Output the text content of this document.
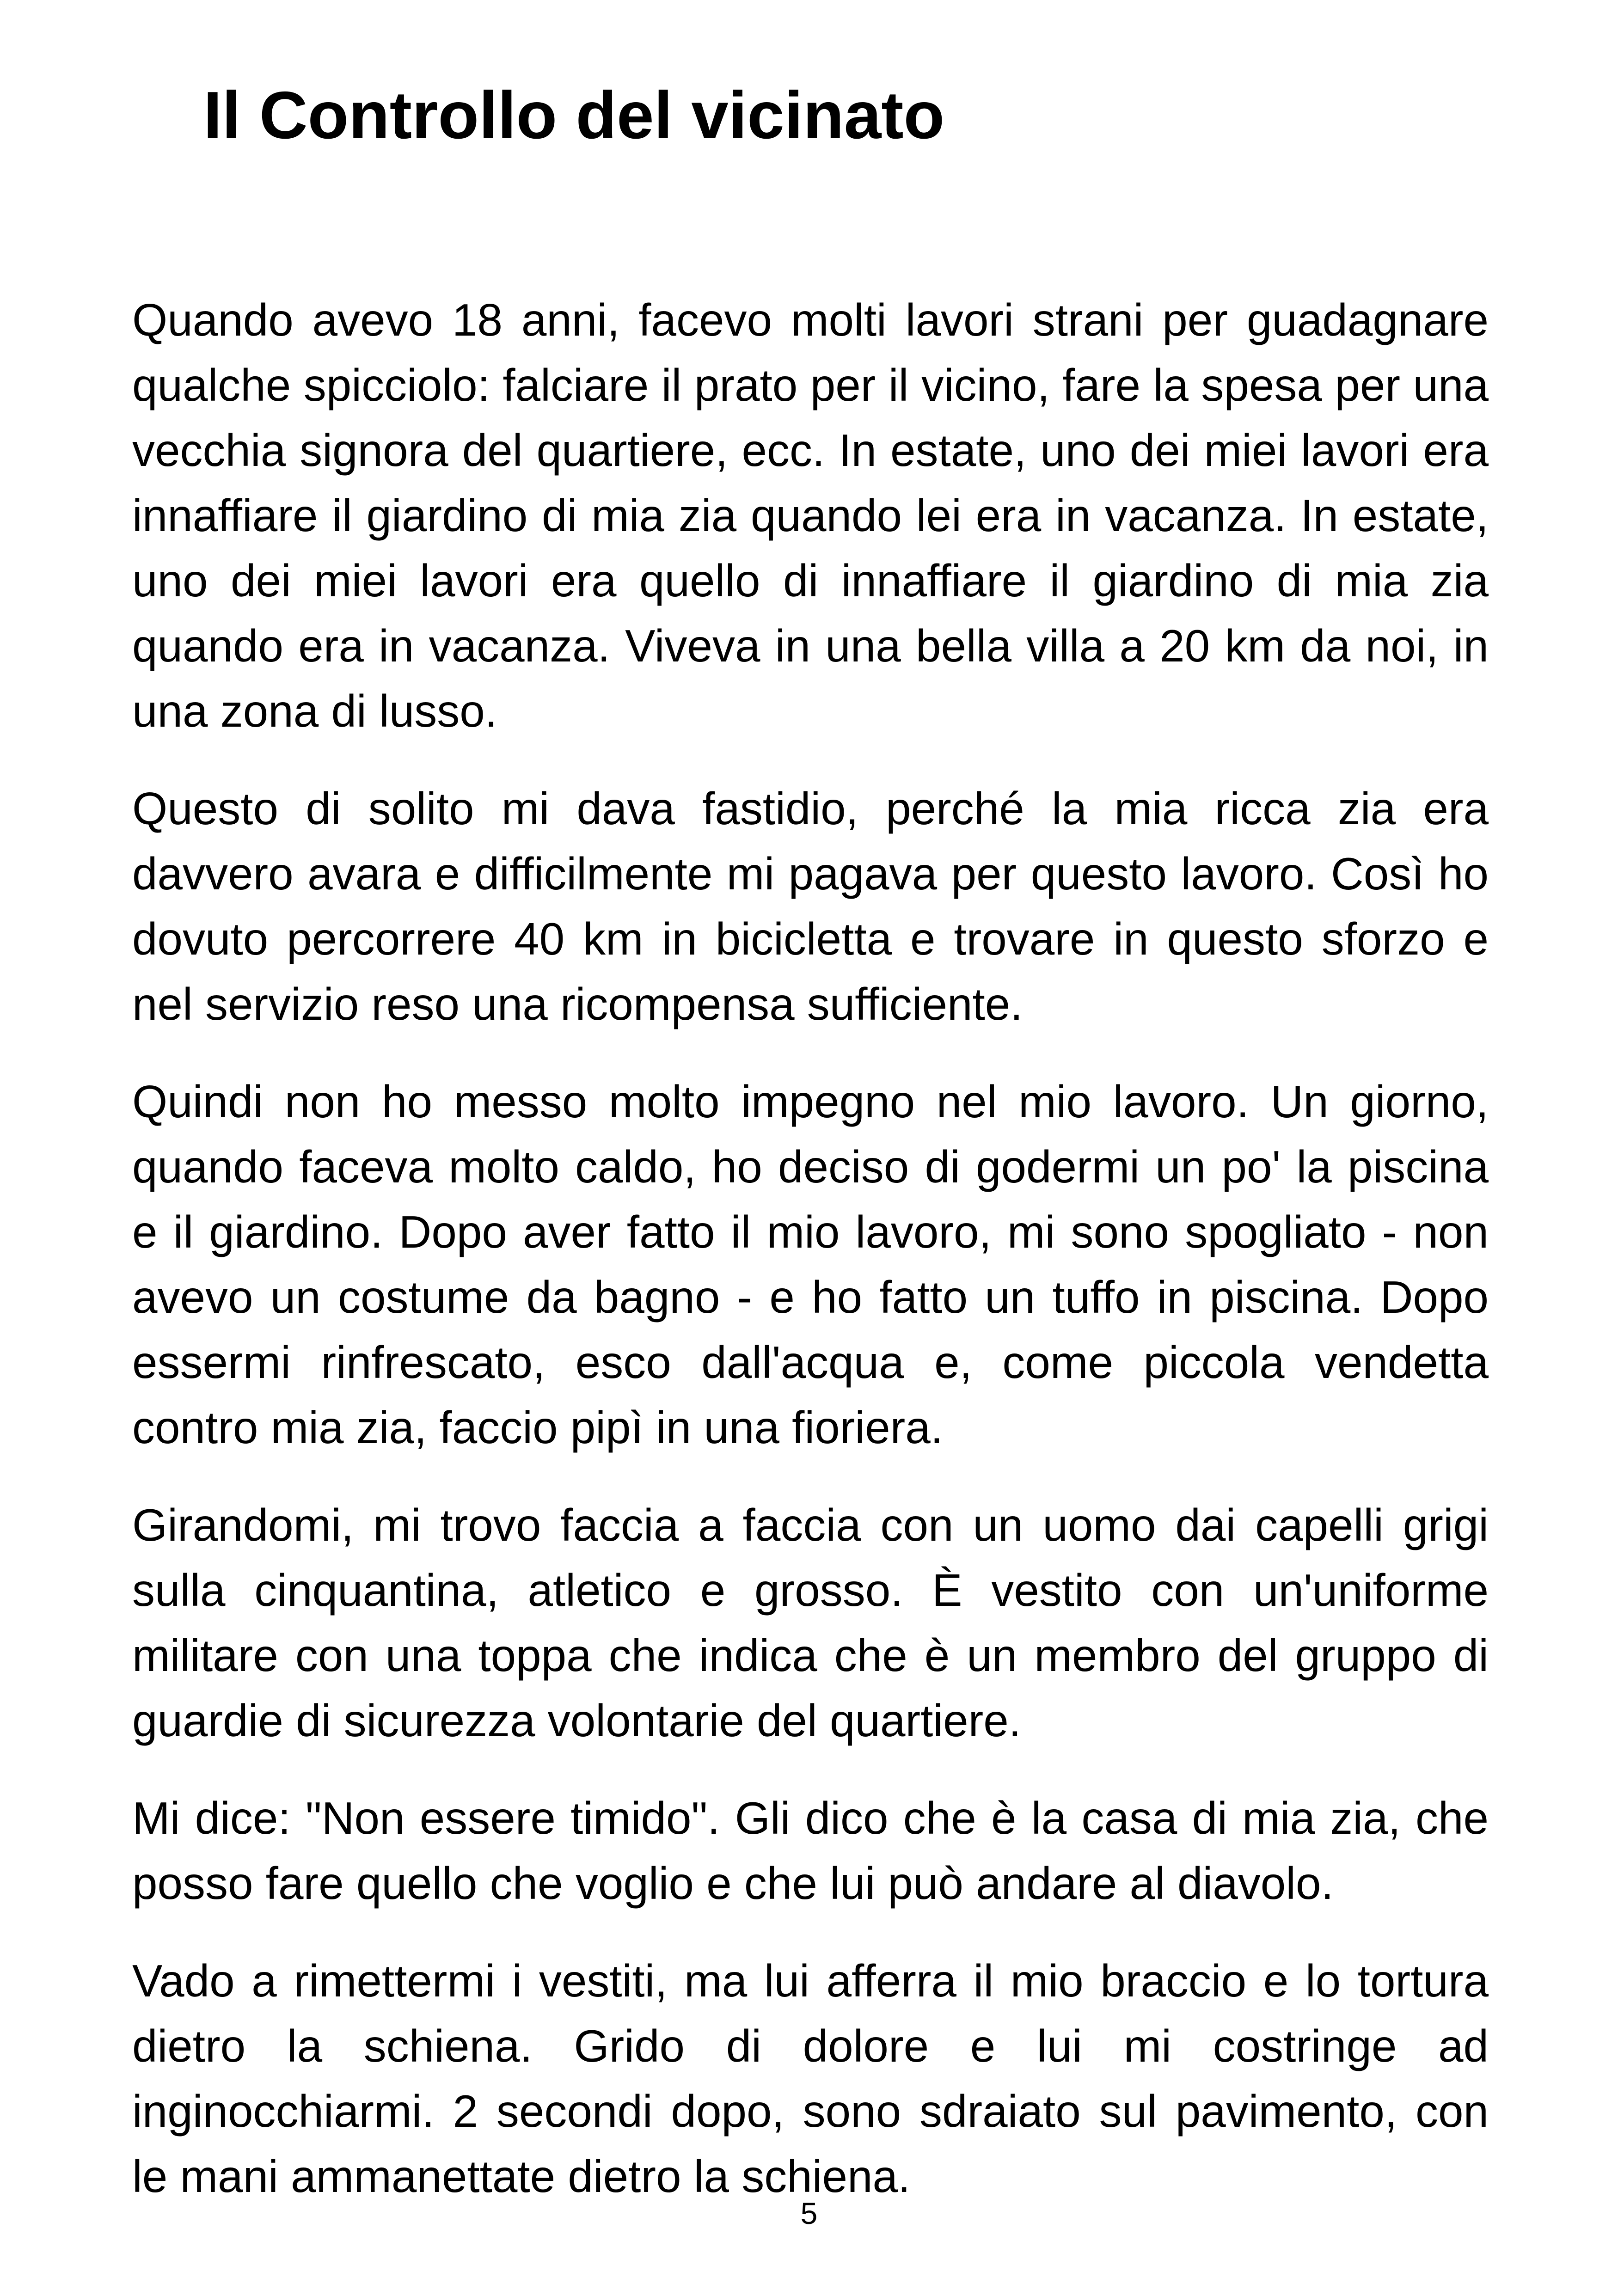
Il Controllo del vicinato

Quando avevo 18 anni, facevo molti lavori strani per guadagnare qualche spicciolo: falciare il prato per il vicino, fare la spesa per una vecchia signora del quartiere, ecc. In estate, uno dei miei lavori era innaffiare il giardino di mia zia quando lei era in vacanza. In estate, uno dei miei lavori era quello di innaffiare il giardino di mia zia quando era in vacanza. Viveva in una bella villa a 20 km da noi, in una zona di lusso.

Questo di solito mi dava fastidio, perché la mia ricca zia era davvero avara e difficilmente mi pagava per questo lavoro. Così ho dovuto percorrere 40 km in bicicletta e trovare in questo sforzo e nel servizio reso una ricompensa sufficiente.

Quindi non ho messo molto impegno nel mio lavoro. Un giorno, quando faceva molto caldo, ho deciso di godermi un po' la piscina e il giardino. Dopo aver fatto il mio lavoro, mi sono spogliato - non avevo un costume da bagno - e ho fatto un tuffo in piscina. Dopo essermi rinfrescato, esco dall'acqua e, come piccola vendetta contro mia zia, faccio pipì in una fioriera.

Girandomi, mi trovo faccia a faccia con un uomo dai capelli grigi sulla cinquantina, atletico e grosso. È vestito con un'uniforme militare con una toppa che indica che è un membro del gruppo di guardie di sicurezza volontarie del quartiere.

Mi dice: "Non essere timido". Gli dico che è la casa di mia zia, che posso fare quello che voglio e che lui può andare al diavolo.

Vado a rimettermi i vestiti, ma lui afferra il mio braccio e lo tortura dietro la schiena. Grido di dolore e lui mi costringe ad inginocchiarmi. 2 secondi dopo, sono sdraiato sul pavimento, con le mani ammanettate dietro la schiena.

5
